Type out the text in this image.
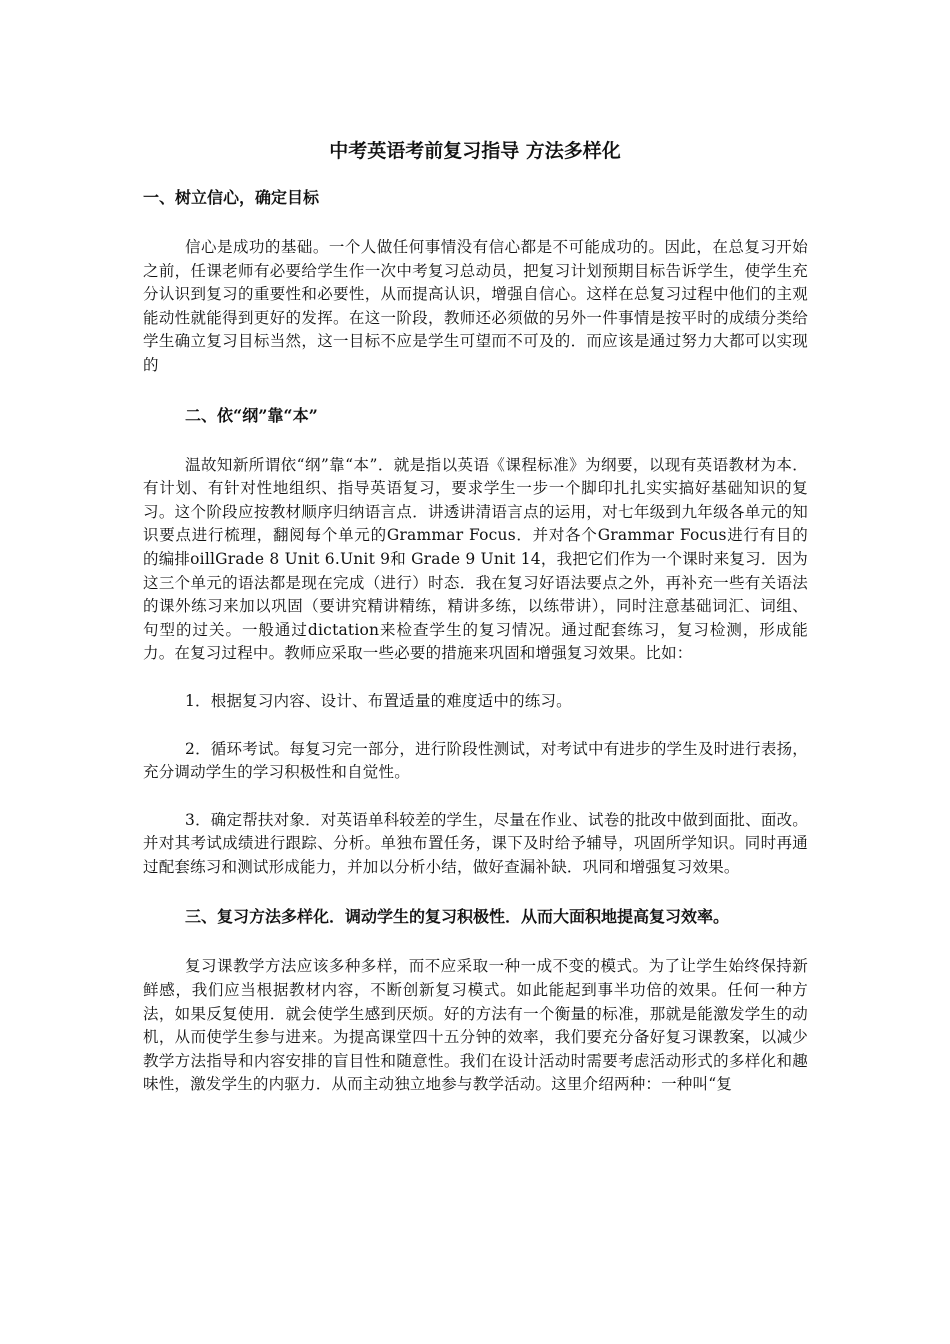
中考英语考前复习指导 方法多样化
一、树立信心，确定目标

信心是成功的基础。一个人做任何事情没有信心都是不可能成功的。因此，在总复习开始之前，任课老师有必要给学生作一次中考复习总动员，把复习计划预期目标告诉学生，使学生充分认识到复习的重要性和必要性，从而提高认识，增强自信心。这样在总复习过程中他们的主观能动性就能得到更好的发挥。在这一阶段，教师还必须做的另外一件事情是按平时的成绩分类给学生确立复习目标当然，这一目标不应是学生可望而不可及的．而应该是通过努力大都可以实现的

二、依“纲”靠“本”

温故知新所谓依“纲”靠“本”．就是指以英语《课程标准》为纲要，以现有英语教材为本．有计划、有针对性地组织、指导英语复习，要求学生一步一个脚印扎扎实实搞好基础知识的复习。这个阶段应按教材顺序归纳语言点．讲透讲清语言点的运用，对七年级到九年级各单元的知识要点进行梳理，翻阅每个单元的Grammar Focus．并对各个Grammar Focus进行有目的的编排oillGrade 8 Unit 6.Unit 9和 Grade 9 Unit 14，我把它们作为一个课时来复习．因为这三个单元的语法都是现在完成（进行）时态．我在复习好语法要点之外，再补充一些有关语法的课外练习来加以巩固（要讲究精讲精练，精讲多练，以练带讲），同时注意基础词汇、词组、句型的过关。一般通过dictation来检查学生的复习情况。通过配套练习，复习检测，形成能力。在复习过程中。教师应采取一些必要的措施来巩固和增强复习效果。比如：

1．根据复习内容、设计、布置适量的难度适中的练习。

2．循环考试。每复习完一部分，进行阶段性测试，对考试中有进步的学生及时进行表扬，充分调动学生的学习积极性和自觉性。

3．确定帮扶对象．对英语单科较差的学生，尽量在作业、试卷的批改中做到面批、面改。并对其考试成绩进行跟踪、分析。单独布置任务，课下及时给予辅导，巩固所学知识。同时再通过配套练习和测试形成能力，并加以分析小结，做好查漏补缺．巩同和增强复习效果。

三、复习方法多样化．调动学生的复习积极性．从而大面积地提高复习效率。

复习课教学方法应该多种多样，而不应采取一种一成不变的模式。为了让学生始终保持新鲜感，我们应当根据教材内容，不断创新复习模式。如此能起到事半功倍的效果。任何一种方法，如果反复使用．就会使学生感到厌烦。好的方法有一个衡量的标准，那就是能激发学生的动机，从而使学生参与进来。为提高课堂四十五分钟的效率，我们要充分备好复习课教案，以减少教学方法指导和内容安排的盲目性和随意性。我们在设计活动时需要考虑活动形式的多样化和趣味性，激发学生的内驱力．从而主动独立地参与教学活动。这里介绍两种：一种叫“复
